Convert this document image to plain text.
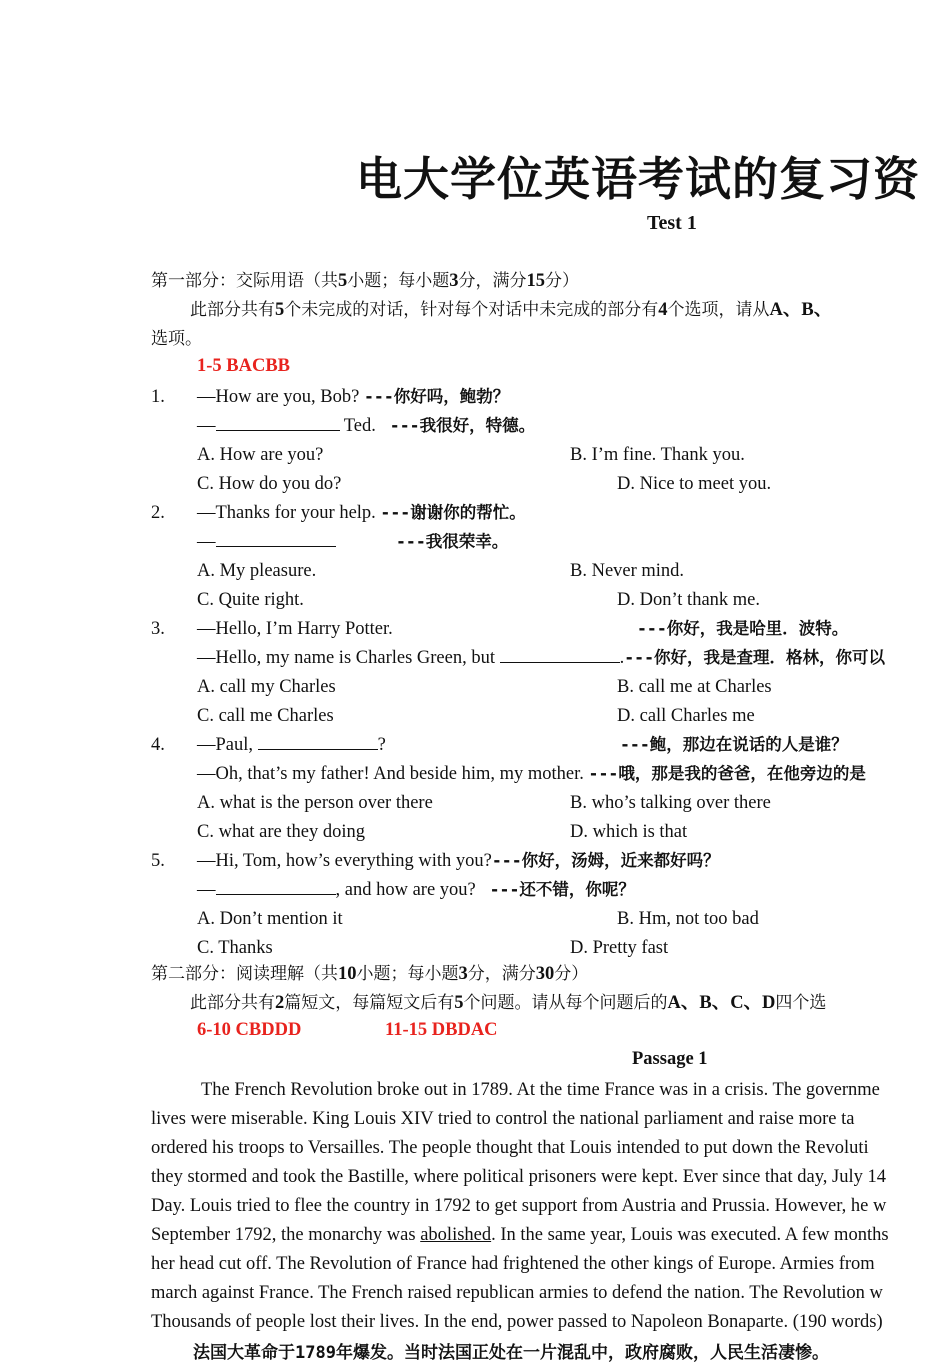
电大学位英语考试的复习资
Test 1
第一部分：交际用语（共5小题；每小题3分，满分15分）
此部分共有5个未完成的对话，针对每个对话中未完成的部分有4个选项，请从A、B、
选项。
1-5 BACBB
1. —How are you, Bob? ---你好吗，鲍勃？
—	Ted. ---我很好，特德。
A. How are you?	B. I’m fine. Thank you.
C. How do you do?	D. Nice to meet you.
2. —Thanks for your help. ---谢谢你的帮忙。
—	---我很荣幸。
A. My pleasure.	B. Never mind.
C. Quite right.	D. Don’t thank me.
3. —Hello, I’m Harry Potter.	---你好，我是哈里．波特。
—Hello, my name is Charles Green, but	.---你好，我是查理．格林，你可以
A. call my Charles	B. call me at Charles
C. call me Charles	D. call Charles me
4. —Paul,	?	---鲍，那边在说话的人是谁？
—Oh, that’s my father! And beside him, my mother. ---哦，那是我的爸爸，在他旁边的是
A. what is the person over there	B. who’s talking over there
C. what are they doing	D. which is that
5. —Hi, Tom, how’s everything with you?---你好，汤姆，近来都好吗？
—	, and how are you? ---还不错，你呢？
A. Don’t mention it	B. Hm, not too bad
C. Thanks	D. Pretty fast
第二部分：阅读理解（共10小题；每小题3分，满分30分）
此部分共有2篇短文，每篇短文后有5个问题。请从每个问题后的A、B、C、D四个选
6-10 CBDDD	11-15 DBDAC
Passage 1
The French Revolution broke out in 1789. At the time France was in a crisis. The governme
lives were miserable. King Louis XIV tried to control the national parliament and raise more ta
ordered his troops to Versailles. The people thought that Louis intended to put down the Revoluti
they stormed and took the Bastille, where political prisoners were kept. Ever since that day, July 14
Day. Louis tried to flee the country in 1792 to get support from Austria and Prussia. However, he w
September 1792, the monarchy was abolished. In the same year, Louis was executed. A few months
her head cut off. The Revolution of France had frightened the other kings of Europe. Armies from
march against France. The French raised republican armies to defend the nation. The Revolution w
Thousands of people lost their lives. In the end, power passed to Napoleon Bonaparte. (190 words)
法国大革命于1789年爆发。当时法国正处在一片混乱中，政府腐败，人民生活凄惨。
